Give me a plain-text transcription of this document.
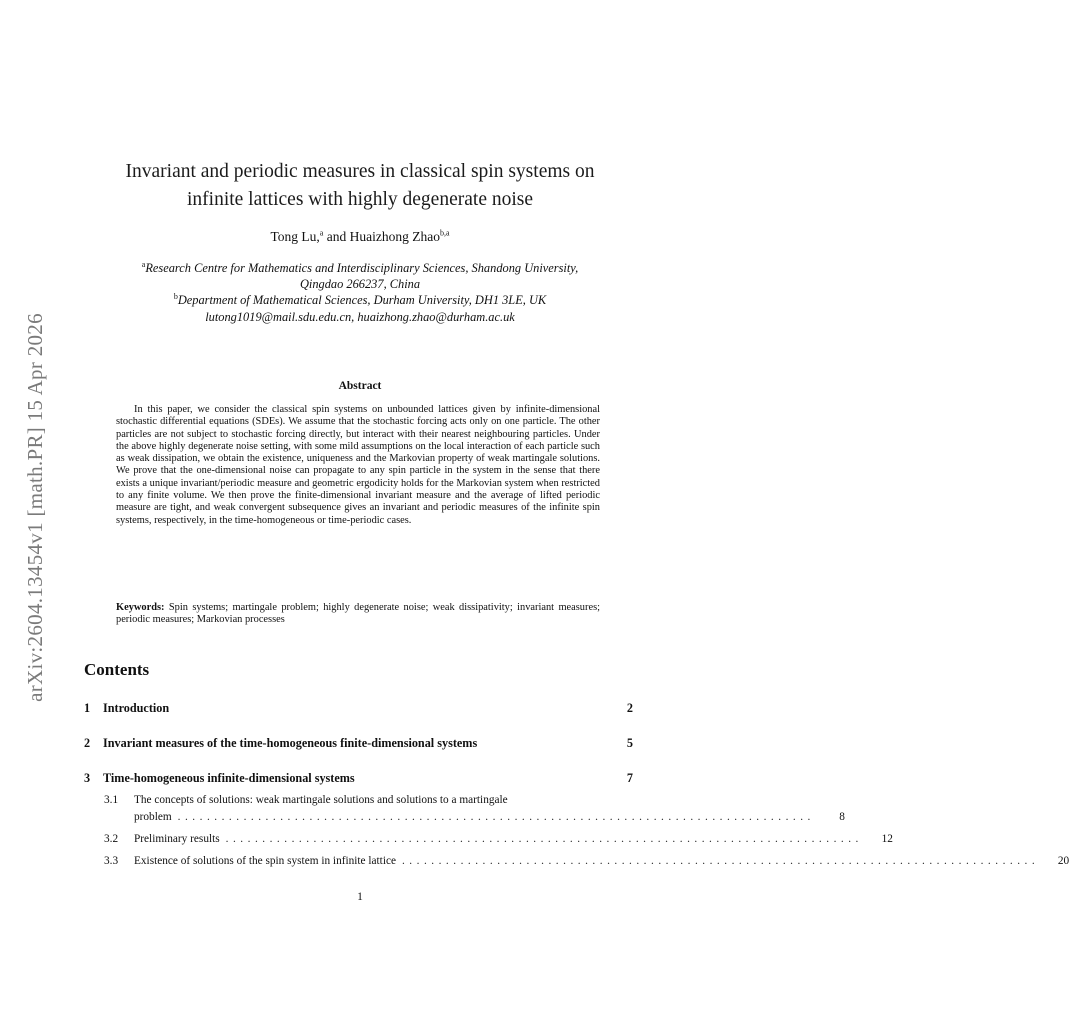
arXiv:2604.13454v1 [math.PR] 15 Apr 2026
Invariant and periodic measures in classical spin systems on
infinite lattices with highly degenerate noise
Tong Lu,$^a$ and Huaizhong Zhao$^{b,a}$
$^a$Research Centre for Mathematics and Interdisciplinary Sciences, Shandong University,
Qingdao 266237, China
$^b$Department of Mathematical Sciences, Durham University, DH1 3LE, UK
lutong1019@mail.sdu.edu.cn, huaizhong.zhao@durham.ac.uk
Abstract

In this paper, we consider the classical spin systems on unbounded lattices given by infinite-dimensional stochastic differential equations (SDEs). We assume that the stochastic forcing acts only on one particle. The other particles are not subject to stochastic forcing directly, but interact with their nearest neighbouring particles. Under the above highly degenerate noise setting, with some mild assumptions on the local interaction of each particle such as weak dissipation, we obtain the existence, uniqueness and the Markovian property of weak martingale solutions. We prove that the one-dimensional noise can propagate to any spin particle in the system in the sense that there exists a unique invariant/periodic measure and geometric ergodicity holds for the Markovian system when restricted to any finite volume. We then prove the finite-dimensional invariant measure and the average of lifted periodic measure are tight, and weak convergent subsequence gives an invariant and periodic measures of the infinite spin systems, respectively, in the time-homogeneous or time-periodic cases.

Keywords: Spin systems; martingale problem; highly degenerate noise; weak dissipativity; invariant measures; periodic measures; Markovian processes
Contents
1	Introduction	2
2	Invariant measures of the time-homogeneous finite-dimensional systems	5
3	Time-homogeneous infinite-dimensional systems	7
3.1	The concepts of solutions: weak martingale solutions and solutions to a martingale
problem .......................................................................................	8
3.2	Preliminary results .......................................................................................	12
3.3	Existence of solutions of the spin system in infinite lattice .......................................................................................	20
1
